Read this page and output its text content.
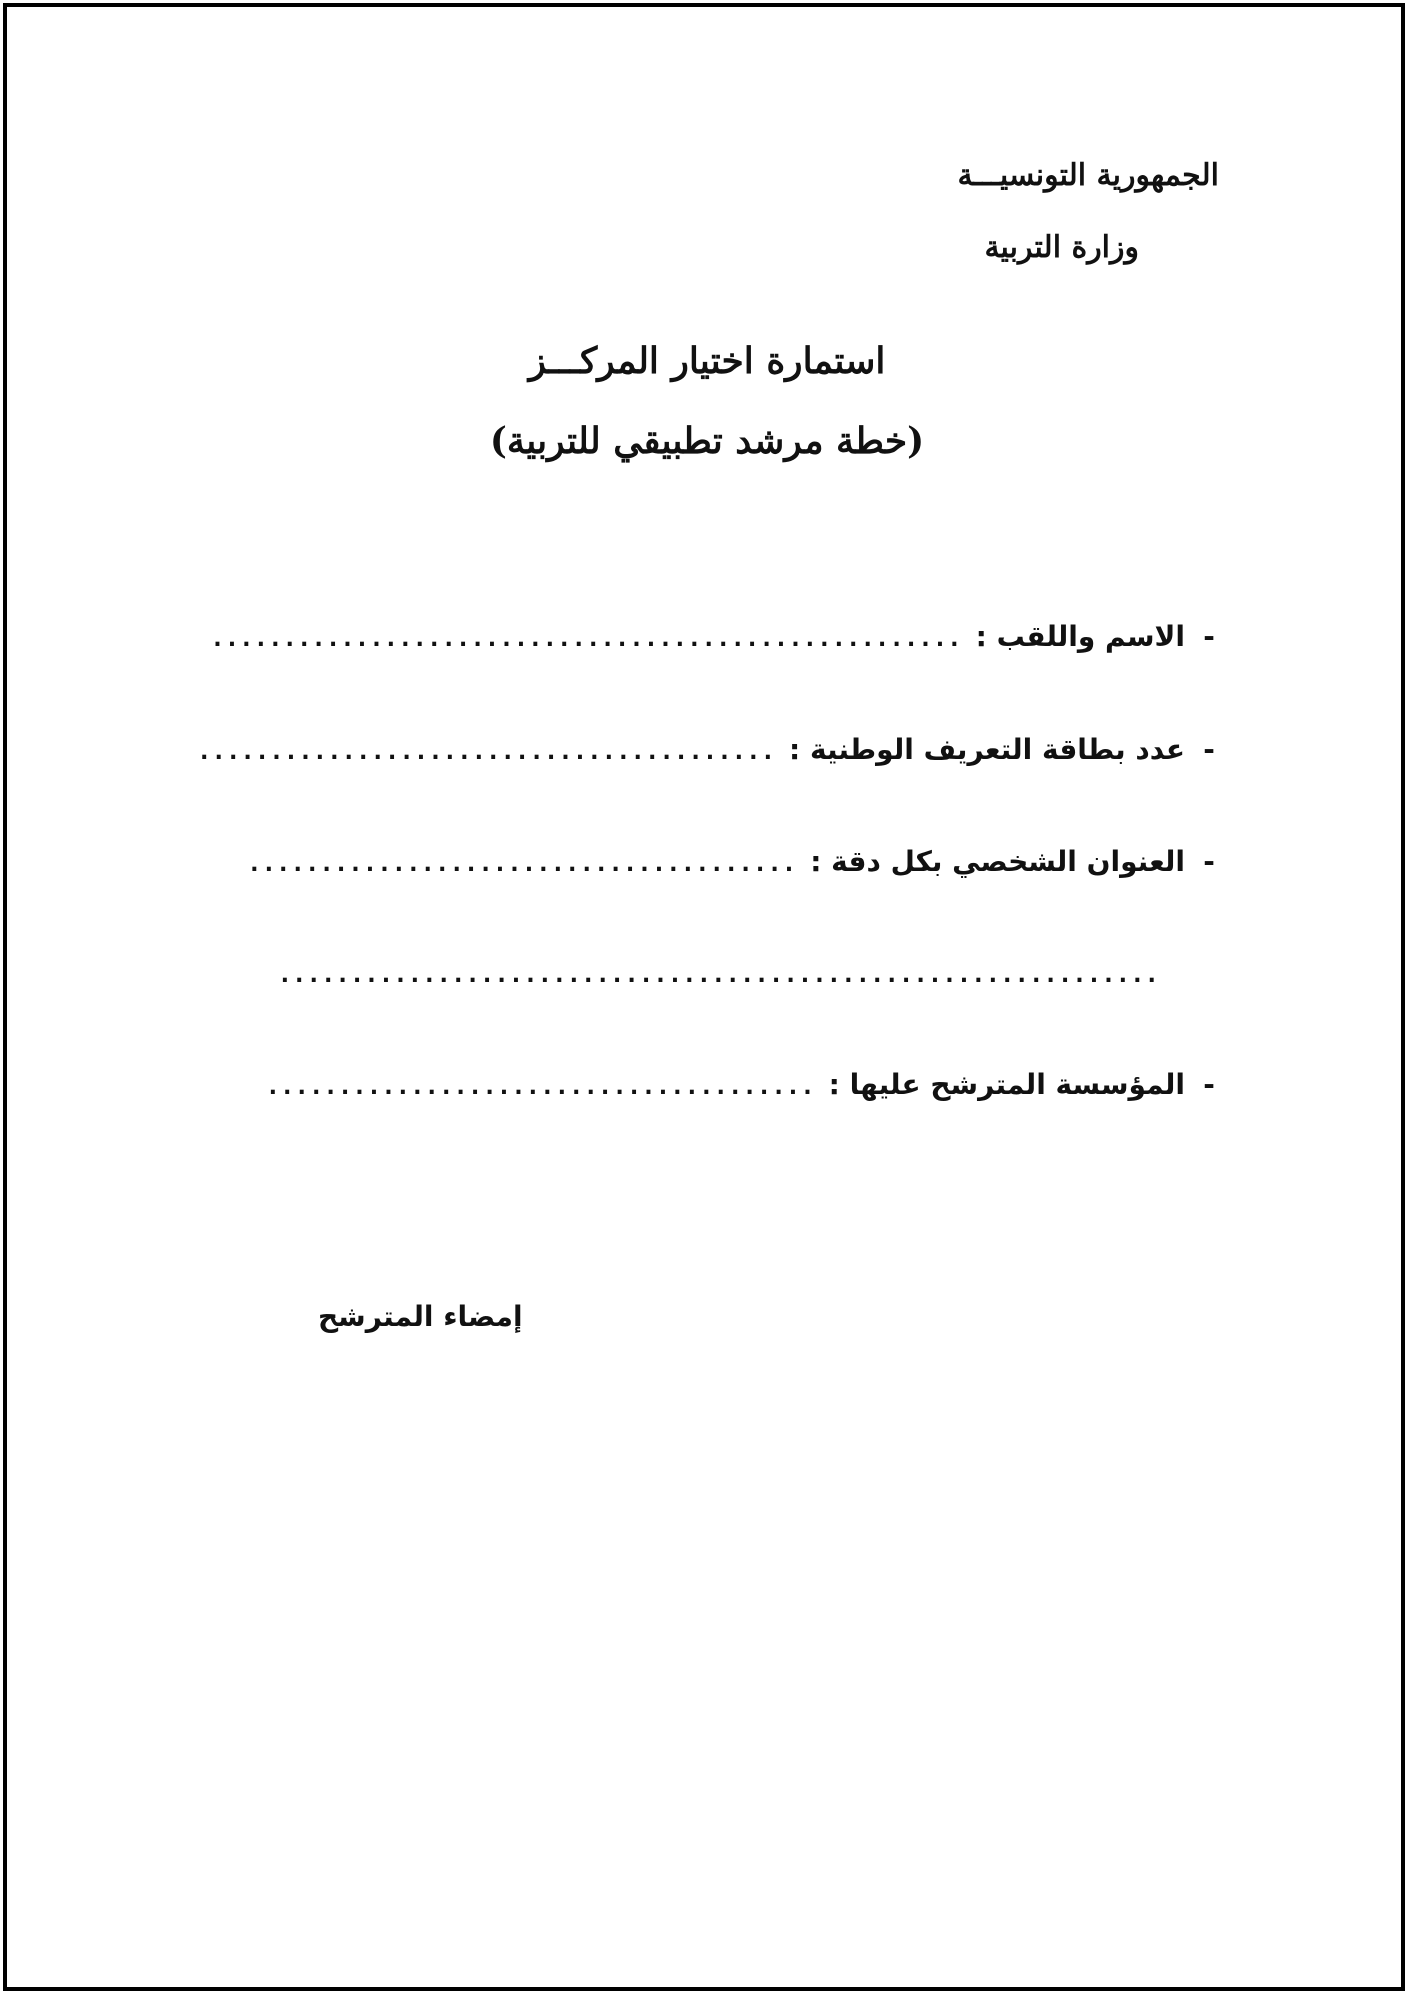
الجمهورية التونسيـــة
وزارة التربية
استمارة اختيار المركـــز
(خطة مرشد تطبيقي للتربية)
-
الاسم واللقب :
....................................................
-
عدد بطاقة التعريف الوطنية :
........................................
-
العنوان الشخصي بكل دقة :
......................................
.............................................................
-
المؤسسة المترشح عليها :
......................................
إمضاء المترشح
